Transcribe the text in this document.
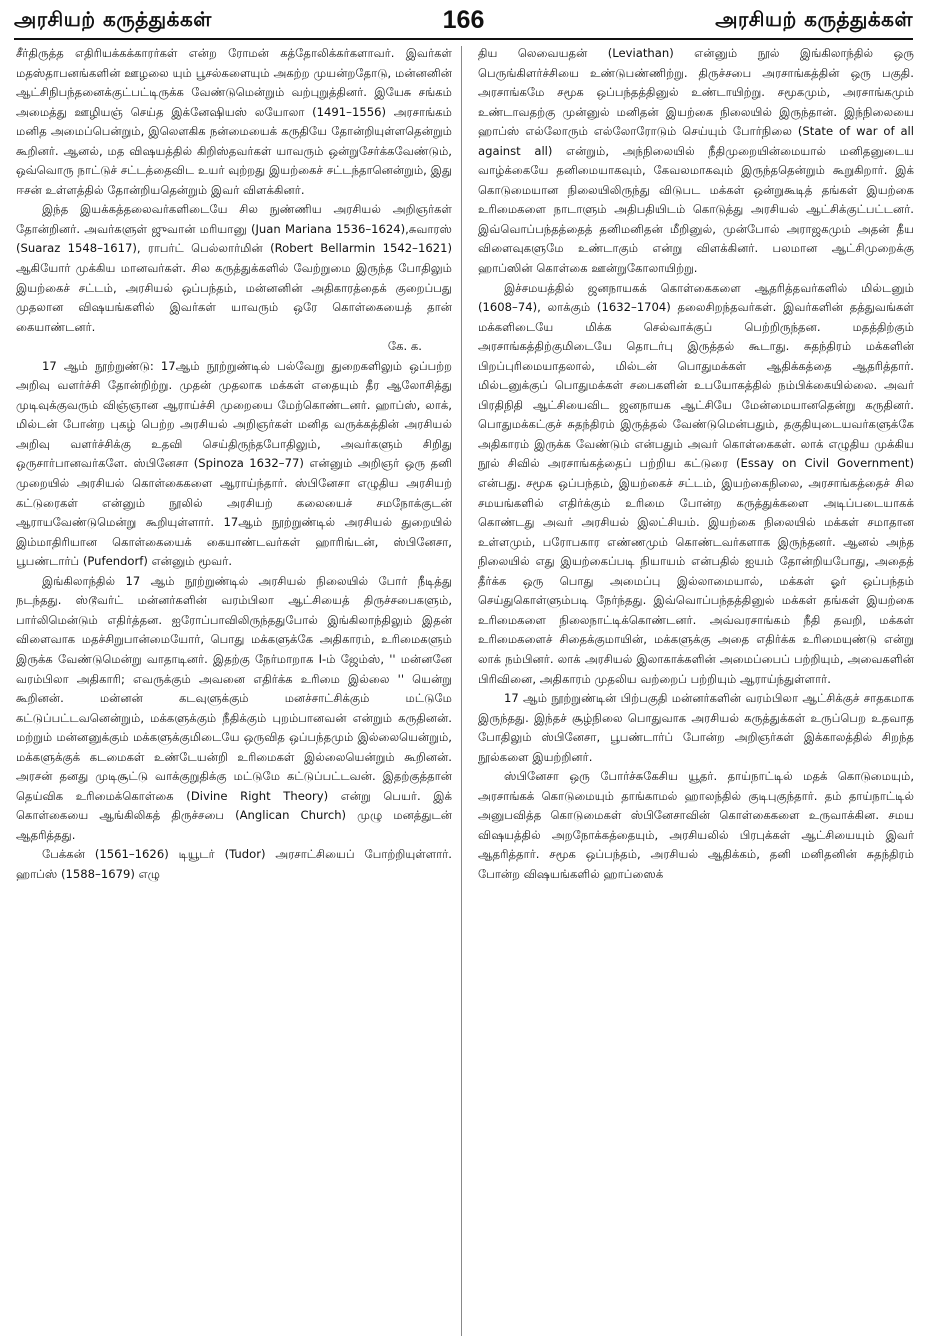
அரசியற் கருத்துக்கள்	166	அரசியற் கருத்துக்கள்

சீர்திருத்த எதிரியக்கக்காரர்கள் என்ற ரோமன் கத்தோலிக்கர்களாவர். இவர்கள் மதஸ்தாபனங்களின் ஊழலை யும் பூசல்களையும் அகற்ற முயன்றதோடு, மன்னனின் ஆட்சிநிபந்தனைக்குட்பட்டிருக்க வேண்டுமென்றும் வற்புறுத்தினர். இயேசு சங்கம் அமைத்து ஊழியஞ் செய்த இக்னேஷியஸ் லயோலா (1491–1556) அரசாங்கம் மனித அமைப்பென்றும், இலௌகிக நன்மையைக் கருதியே தோன்றியுள்ளதென்றும் கூறினர். ஆனல், மத விஷயத்தில் கிறிஸ்தவர்கள் யாவரும் ஒன்றுசேர்க்கவேண்டும், ஒவ்வொரு நாட்டுச் சட்டத்தைவிட உயர் வுற்றது இயற்கைச் சட்டந்தானென்றும், இது ஈசன் உள்ளத்தில் தோன்றியதென்றும் இவர் விளக்கினர்.

இந்த இயக்கத்தலைவர்களிடையே சில நுண்ணிய அரசியல் அறிஞர்கள் தோன்றினர். அவர்களுள் ஜுவான் மரியானு (Juan Mariana 1536–1624),சுவாரஸ் (Suaraz 1548–1617), ராபர்ட் பெல்லார்மின் (Robert Bellarmin 1542–1621) ஆகியோர் முக்கிய மானவர்கள். சில கருத்துக்களில் வேற்றுமை இருந்த போதிலும் இயற்கைச் சட்டம், அரசியல் ஒப்பந்தம், மன்னனின் அதிகாரத்தைக் குறைப்பது முதலான விஷயங்களில் இவர்கள் யாவரும் ஒரே கொள்கையைத் தான் கையாண்டனர்.

கே. க.

17 ஆம் நூற்றுண்டு: 17ஆம் நூற்றுண்டில் பல்வேறு துறைகளிலும் ஒப்பற்ற அறிவு வளர்ச்சி தோன்றிற்று. முதன் முதலாக மக்கள் எதையும் தீர ஆலோசித்து முடிவுக்குவரும் விஞ்ஞான ஆராய்ச்சி முறையை மேற்கொண்டனர். ஹாப்ஸ், லாக், மில்டன் போன்ற புகழ் பெற்ற அரசியல் அறிஞர்கள் மனித வருக்கத்தின் அரசியல் அறிவு வளர்ச்சிக்கு உதவி செய்திருந்தபோதிலும், அவர்களும் சிறிது ஒருசார்பானவர்களே. ஸ்பினேசா (Spinoza 1632–77) என்னும் அறிஞர் ஒரு தனி முறையில் அரசியல் கொள்கைகளை ஆராய்ந்தார். ஸ்பினேசா எழுதிய அரசியற் கட்டுரைகள் என்னும் நூலில் அரசியற் கலையைச் சமநோக்குடன் ஆராயவேண்டுமென்று கூறியுள்ளார். 17ஆம் நூற்றுண்டில் அரசியல் துறையில் இம்மாதிரியான கொள்கையைக் கையாண்டவர்கள் ஹாரிங்டன், ஸ்பினேசா, பூபண்டார்ப் (Pufendorf) என்னும் மூவர்.

இங்கிலாந்தில் 17 ஆம் நூற்றுண்டில் அரசியல் நிலையில் போர் நீடித்து நடந்தது. ஸ்டூவர்ட் மன்னர்களின் வரம்பிலா ஆட்சியைத் திருச்சபைகளும், பார்லிமென்டும் எதிர்த்தன. ஐரோப்பாவிலிருந்ததுபோல் இங்கிலாந்திலும் இதன் விளைவாக மதச்சிறுபான்மையோர், பொது மக்களுக்கே அதிகாரம், உரிமைகளும் இருக்க வேண்டுமென்று வாதாடினர். இதற்கு நேர்மாறாக I-ம் ஜேம்ஸ், '' மன்னனே வரம்பிலா அதிகாரி; எவருக்கும் அவனை எதிர்க்க உரிமை இல்லை '' யென்று கூறினன். மன்னன் கடவுளுக்கும் மனச்சாட்சிக்கும் மட்டுமே கட்டுப்பட்டவனென்றும், மக்களுக்கும் நீதிக்கும் புறம்பானவன் என்றும் கருதினன். மற்றும் மன்னனுக்கும் மக்களுக்குமிடையே ஒருவித ஒப்பந்தமும் இல்லையென்றும், மக்களுக்குக் கடமைகள் உண்டேயன்றி உரிமைகள் இல்லையென்றும் கூறினன். அரசன் தனது முடிசூட்டு வாக்குறுதிக்கு மட்டுமே கட்டுப்பட்டவன். இதற்குத்தான் தெய்விக உரிமைக்கொள்கை (Divine Right Theory) என்று பெயர். இக் கொள்கையை ஆங்கிலிகத் திருச்சபை (Anglican Church) முழு மனத்துடன் ஆதரித்தது.

பேக்கன் (1561–1626) டியூடர் (Tudor) அரசாட்சியைப் போற்றியுள்ளார். ஹாப்ஸ் (1588–1679) எழு

திய லெவையதன் (Leviathan) என்னும் நூல் இங்கிலாந்தில் ஒரு பெருங்கிளர்ச்சியை உண்டுபண்ணிற்று. திருச்சபை அரசாங்கத்தின் ஒரு பகுதி. அரசாங்கமே சமூக ஒப்பந்தத்தினுல் உண்டாயிற்று. சமூகமும், அரசாங்கமும் உண்டாவதற்கு முன்னுல் மனிதன் இயற்கை நிலையில் இருந்தான். இந்நிலையை ஹாப்ஸ் எல்லோரும் எல்லோரோடும் செய்யும் போர்நிலை (State of war of all against all) என்றும், அந்நிலையில் நீதிமுறையின்மையால் மனிதனுடைய வாழ்க்கையே தனிமையாகவும், கேவலமாகவும் இருந்ததென்றும் கூறுகிறார். இக் கொடுமையான நிலையிலிருந்து விடுபட மக்கள் ஒன்றுகூடித் தங்கள் இயற்கை உரிமைகளை நாடாளும் அதிபதியிடம் கொடுத்து அரசியல் ஆட்சிக்குட்பட்டனர். இவ்வொப்பந்தத்தைத் தனிமனிதன் மீறினுல், முன்போல் அராஜகமும் அதன் தீய விளைவுகளுமே உண்டாகும் என்று விளக்கினர். பலமான ஆட்சிமுறைக்கு ஹாப்ஸின் கொள்கை ஊன்றுகோலாயிற்று.

இச்சமயத்தில் ஜனநாயகக் கொள்கைகளை ஆதரித்தவர்களில் மில்டனும் (1608–74), லாக்கும் (1632–1704) தலைசிறந்தவர்கள். இவர்களின் தத்துவங்கள் மக்களிடையே மிக்க செல்வாக்குப் பெற்றிருந்தன. மதத்திற்கும் அரசாங்கத்திற்குமிடையே தொடர்பு இருத்தல் கூடாது. சுதந்திரம் மக்களின் பிறப்புரிமையாதலால், மில்டன் பொதுமக்கள் ஆதிக்கத்தை ஆதரித்தார். மில்டனுக்குப் பொதுமக்கள் சபைகளின் உபயோகத்தில் நம்பிக்கையில்லை. அவர் பிரதிநிதி ஆட்சியைவிட ஜனநாயக ஆட்சியே மேன்மையானதென்று கருதினர். பொதுமக்கட்குச் சுதந்திரம் இருத்தல் வேண்டுமென்பதும், தகுதியுடையவர்களுக்கே அதிகாரம் இருக்க வேண்டும் என்பதும் அவர் கொள்கைகள். லாக் எழுதிய முக்கிய நூல் சிவில் அரசாங்கத்தைப் பற்றிய கட்டுரை (Essay on Civil Government) என்பது. சமூக ஒப்பந்தம், இயற்கைச் சட்டம், இயற்கைநிலை, அரசாங்கத்தைச் சில சமயங்களில் எதிர்க்கும் உரிமை போன்ற கருத்துக்களை அடிப்படையாகக் கொண்டது அவர் அரசியல் இலட்சியம். இயற்கை நிலையில் மக்கள் சமாதான உள்ளமும், பரோபகார எண்ணமும் கொண்டவர்களாக இருந்தனர். ஆனல் அந்த நிலையில் எது இயற்கைப்படி நியாயம் என்பதில் ஐயம் தோன்றியபோது, அதைத் தீர்க்க ஒரு பொது அமைப்பு இல்லாமையால், மக்கள் ஓர் ஒப்பந்தம் செய்துகொள்ளும்படி நேர்ந்தது. இவ்வொப்பந்தத்தினுல் மக்கள் தங்கள் இயற்கை உரிமைகளை நிலைநாட்டிக்கொண்டனர். அவ்வரசாங்கம் நீதி தவறி, மக்கள் உரிமைகளைச் சிதைக்குமாயின், மக்களுக்கு அதை எதிர்க்க உரிமையுண்டு என்று லாக் நம்பினர். லாக் அரசியல் இலாகாக்களின் அமைப்பைப் பற்றியும், அவைகளின் பிரிவினை, அதிகாரம் முதலிய வற்றைப் பற்றியும் ஆராய்ந்துள்ளார்.

17 ஆம் நூற்றுண்டின் பிற்பகுதி மன்னர்களின் வரம்பிலா ஆட்சிக்குச் சாதகமாக இருந்தது. இந்தச் சூழ்நிலை பொதுவாக அரசியல் கருத்துக்கள் உருப்பெற உதவாத போதிலும் ஸ்பினேசா, பூபண்டார்ப் போன்ற அறிஞர்கள் இக்காலத்தில் சிறந்த நூல்களை இயற்றினர்.

ஸ்பினேசா ஒரு போர்ச்சுகேசிய யூதர். தாய்நாட்டில் மதக் கொடுமையும், அரசாங்கக் கொடுமையும் தாங்காமல் ஹாலந்தில் குடிபுகுந்தார். தம் தாய்நாட்டில் அனுபவித்த கொடுமைகள் ஸ்பினேசாவின் கொள்கைகளை உருவாக்கின. சமய விஷயத்தில் அறநோக்கத்தையும், அரசியலில் பிரபுக்கள் ஆட்சியையும் இவர் ஆதரித்தார். சமூக ஒப்பந்தம், அரசியல் ஆதிக்கம், தனி மனிதனின் சுதந்திரம் போன்ற விஷயங்களில் ஹாப்ஸைக்
